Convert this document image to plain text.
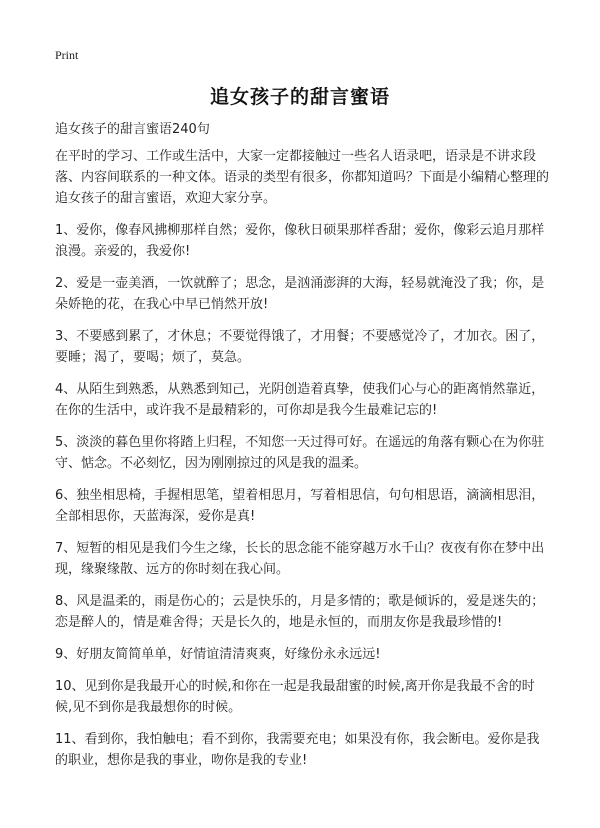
Print
追女孩子的甜言蜜语
追女孩子的甜言蜜语240句

在平时的学习、工作或生活中，大家一定都接触过一些名人语录吧，语录是不讲求段落、内容间联系的一种文体。语录的类型有很多，你都知道吗？下面是小编精心整理的追女孩子的甜言蜜语，欢迎大家分享。

1、爱你，像春风拂柳那样自然；爱你，像秋日硕果那样香甜；爱你，像彩云追月那样浪漫。亲爱的，我爱你!

2、爱是一壶美酒，一饮就醉了；思念，是汹涌澎湃的大海，轻易就淹没了我；你，是朵娇艳的花，在我心中早已悄然开放!

3、不要感到累了，才休息；不要觉得饿了，才用餐；不要感觉冷了，才加衣。困了，要睡；渴了，要喝；烦了，莫急。

4、从陌生到熟悉，从熟悉到知己，光阴创造着真挚，使我们心与心的距离悄然靠近，在你的生活中，或许我不是最精彩的，可你却是我今生最难记忘的!

5、淡淡的暮色里你将踏上归程，不知您一天过得可好。在遥远的角落有颗心在为你驻守、惦念。不必刻忆，因为刚刚掠过的风是我的温柔。

6、独坐相思椅，手握相思笔，望着相思月，写着相思信，句句相思语，滴滴相思泪，全部相思你，天蓝海深，爱你是真!

7、短暂的相见是我们今生之缘，长长的思念能不能穿越万水千山？夜夜有你在梦中出现，缘聚缘散、远方的你时刻在我心间。

8、风是温柔的，雨是伤心的；云是快乐的，月是多情的；歌是倾诉的，爱是迷失的；恋是醉人的，情是难舍得；天是长久的，地是永恒的，而朋友你是我最珍惜的!

9、好朋友简简单单，好情谊清清爽爽，好缘份永永远远!

10、见到你是我最开心的时候,和你在一起是我最甜蜜的时候,离开你是我最不舍的时候,见不到你是我最想你的时候。

11、看到你，我怕触电；看不到你，我需要充电；如果没有你，我会断电。爱你是我的职业，想你是我的事业，吻你是我的专业!
